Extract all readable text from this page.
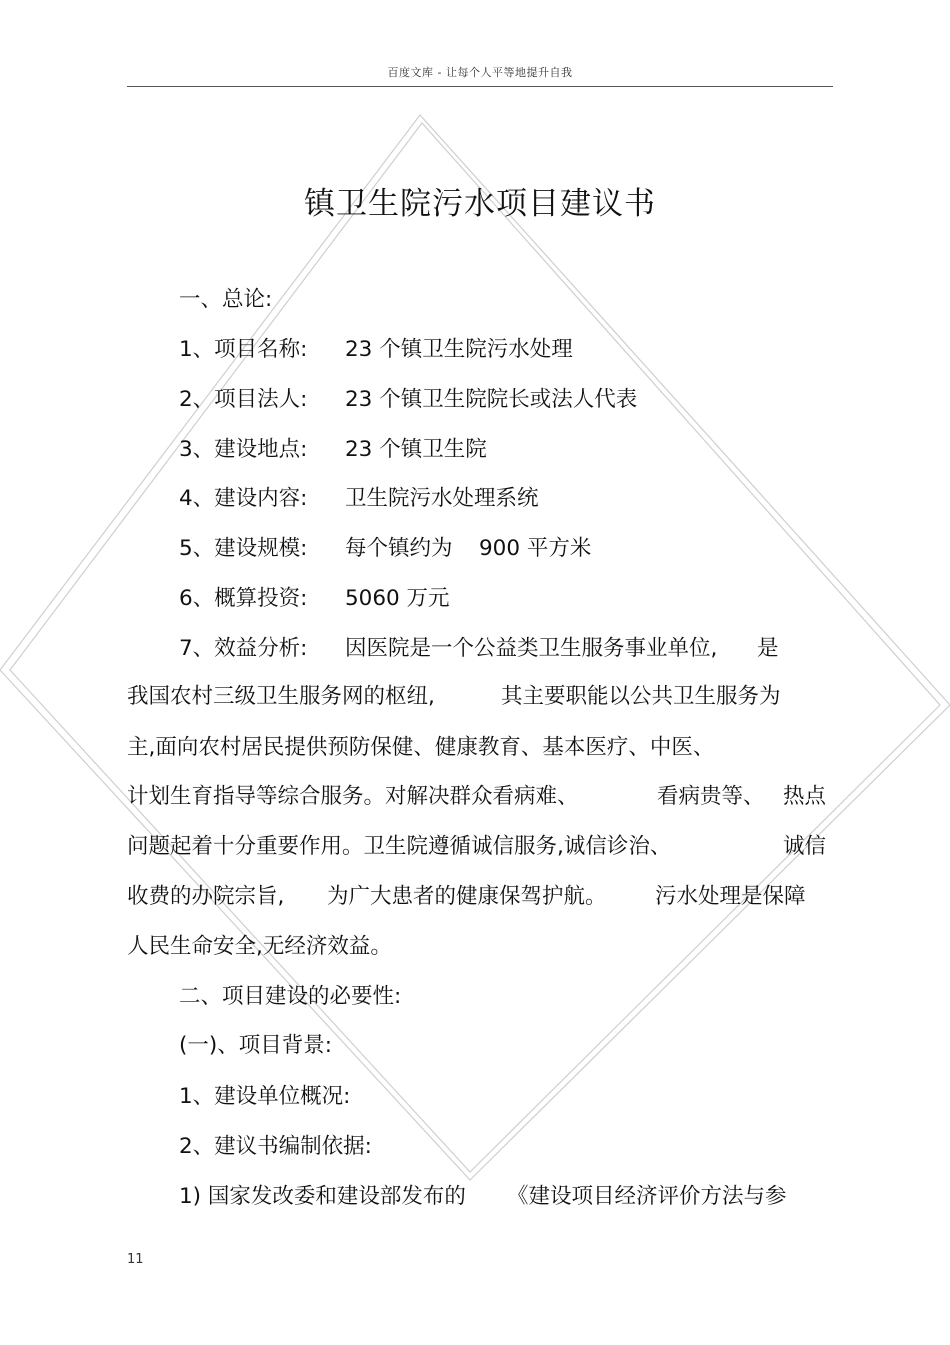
百度文库 - 让每个人平等地提升自我
镇卫生院污水项目建议书
一、总论:
1、项目名称: 23 个镇卫生院污水处理
2、项目法人: 23 个镇卫生院院长或法人代表
3、建设地点: 23 个镇卫生院
4、建设内容: 卫生院污水处理系统
5、建设规模: 每个镇约为 900 平方米
6、概算投资: 5060 万元
7、效益分析: 因医院是一个公益类卫生服务事业单位, 是
我国农村三级卫生服务网的枢纽,	其主要职能以公共卫生服务为
主,面向农村居民提供预防保健、健康教育、基本医疗、中医、
计划生育指导等综合服务。对解决群众看病难、	看病贵等、 热点
问题起着十分重要作用。卫生院遵循诚信服务,诚信诊治、	诚信
收费的办院宗旨, 为广大患者的健康保驾护航。 污水处理是保障
人民生命安全,无经济效益。
二、项目建设的必要性:
(一)、项目背景:
1、建设单位概况:
2、建议书编制依据:
1) 国家发改委和建设部发布的 《建设项目经济评价方法与参
11
